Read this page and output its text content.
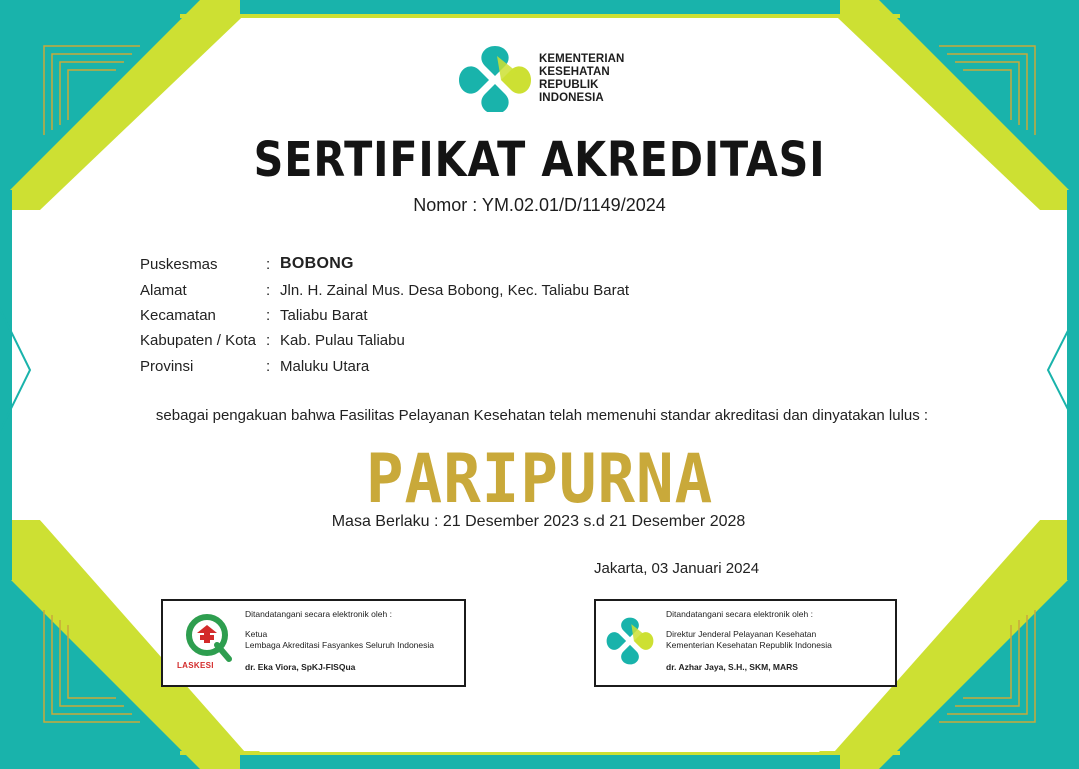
KEMENTERIAN
KESEHATAN
REPUBLIK
INDONESIA
SERTIFIKAT AKREDITASI
Nomor : YM.02.01/D/1149/2024
Puskesmas	: BOBONG
Alamat	: Jln. H. Zainal Mus. Desa Bobong, Kec. Taliabu Barat
Kecamatan	: Taliabu Barat
Kabupaten / Kota : Kab. Pulau Taliabu
Provinsi	: Maluku Utara
sebagai pengakuan bahwa Fasilitas Pelayanan Kesehatan telah memenuhi standar akreditasi dan dinyatakan lulus :
PARIPURNA
Masa Berlaku : 21 Desember 2023 s.d 21 Desember 2028
Jakarta, 03 Januari 2024
LASKESI
Ditandatangani secara elektronik oleh :
Ketua
Lembaga Akreditasi Fasyankes Seluruh Indonesia
dr. Eka Viora, SpKJ-FISQua
Ditandatangani secara elektronik oleh :
Direktur Jenderal Pelayanan Kesehatan
Kementerian Kesehatan Republik Indonesia
dr. Azhar Jaya, S.H., SKM, MARS
